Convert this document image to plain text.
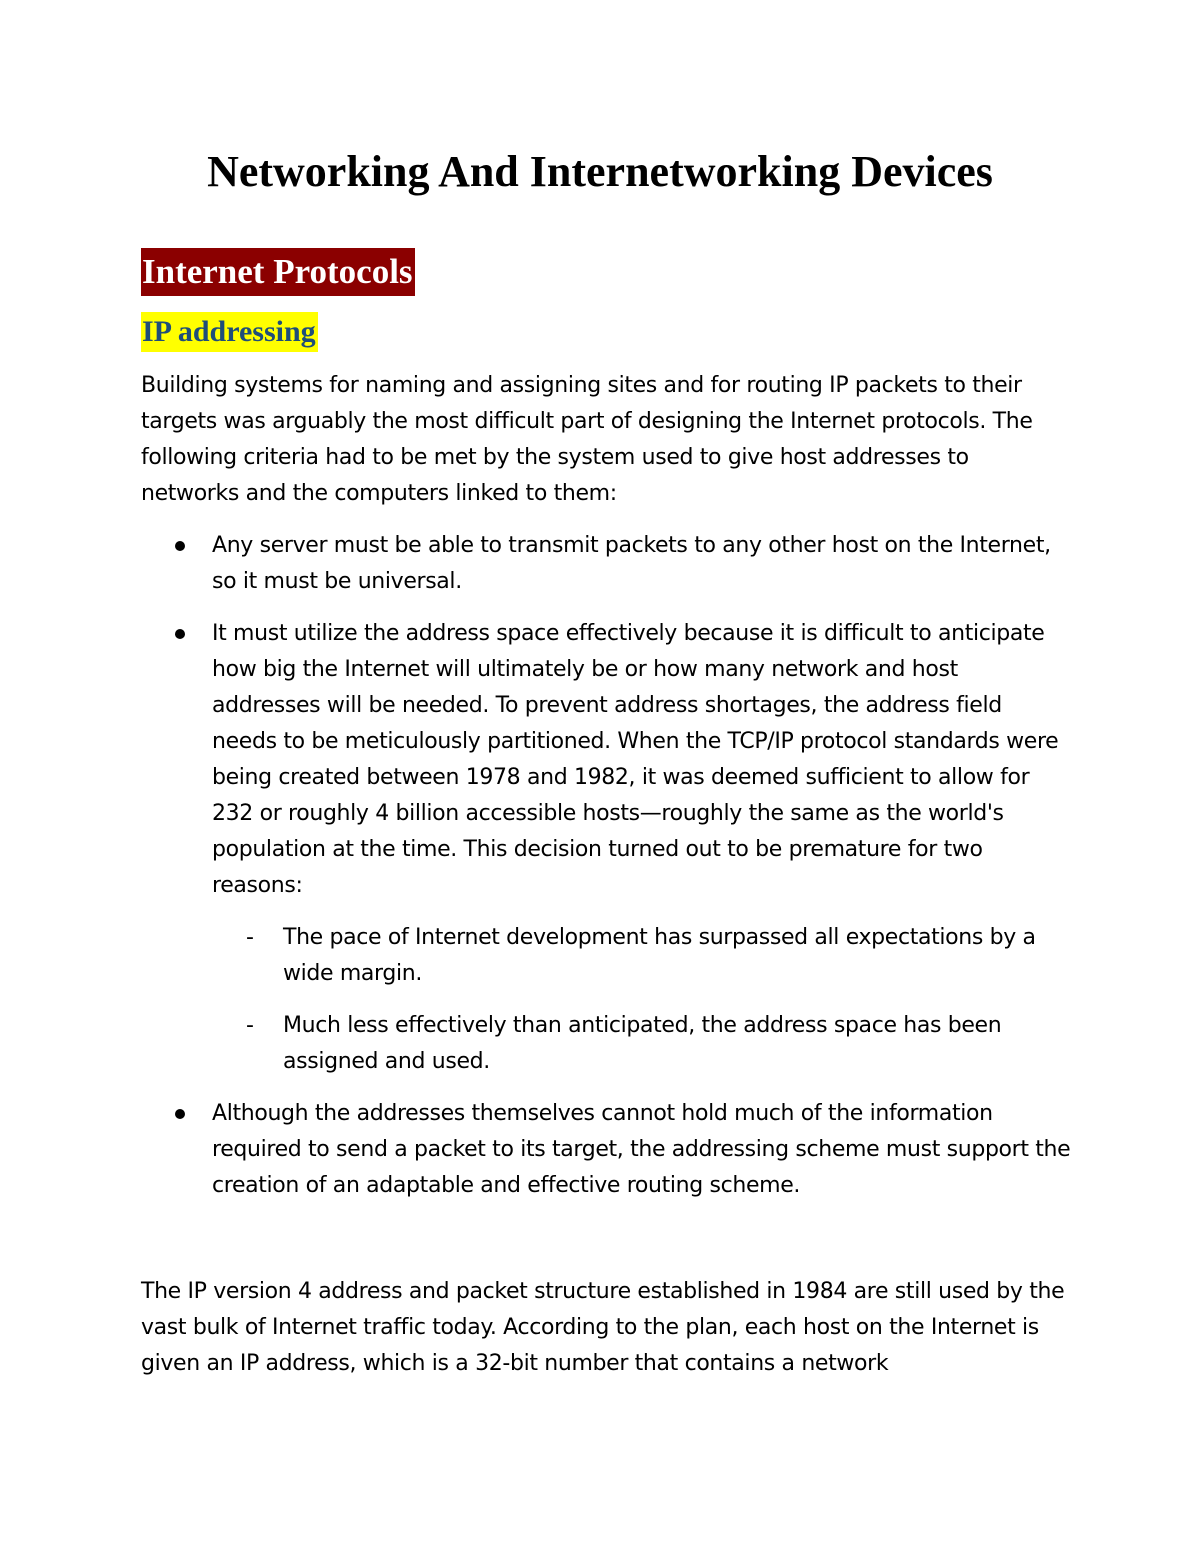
Networking And Internetworking Devices
Internet Protocols
IP addressing

Building systems for naming and assigning sites and for routing IP packets to their targets was arguably the most difficult part of designing the Internet protocols. The following criteria had to be met by the system used to give host addresses to networks and the computers linked to them:

Any server must be able to transmit packets to any other host on the Internet, so it must be universal.
It must utilize the address space effectively because it is difficult to anticipate how big the Internet will ultimately be or how many network and host addresses will be needed. To prevent address shortages, the address field needs to be meticulously partitioned. When the TCP/IP protocol standards were being created between 1978 and 1982, it was deemed sufficient to allow for 232 or roughly 4 billion accessible hosts—roughly the same as the world's population at the time. This decision turned out to be premature for two reasons:
- The pace of Internet development has surpassed all expectations by a wide margin.
- Much less effectively than anticipated, the address space has been assigned and used.
Although the addresses themselves cannot hold much of the information required to send a packet to its target, the addressing scheme must support the creation of an adaptable and effective routing scheme.

The IP version 4 address and packet structure established in 1984 are still used by the vast bulk of Internet traffic today. According to the plan, each host on the Internet is given an IP address, which is a 32-bit number that contains a network
